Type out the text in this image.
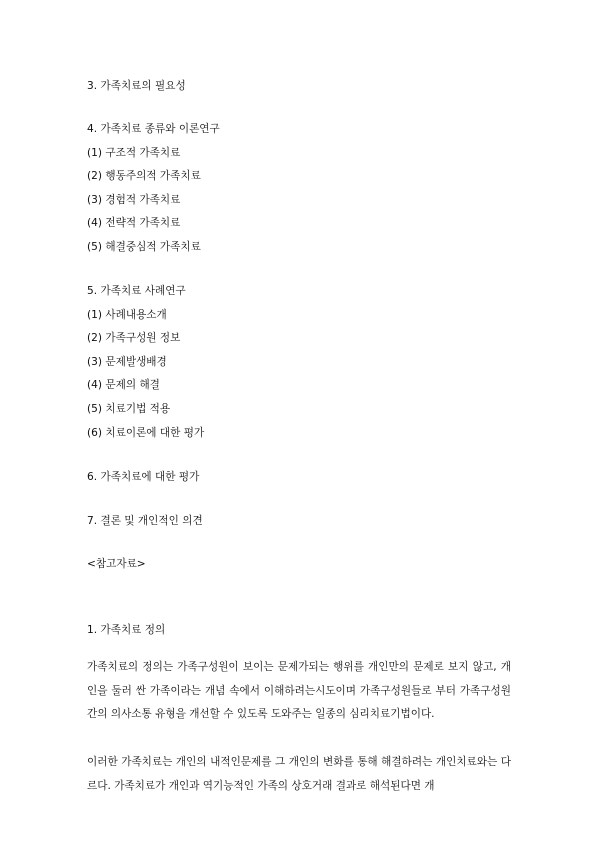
3. 가족치료의 필요성
4. 가족치료 종류와 이론연구
(1) 구조적 가족치료
(2) 행동주의적 가족치료
(3) 경험적 가족치료
(4) 전략적 가족치료
(5) 해결중심적 가족치료
5. 가족치료 사례연구
(1) 사례내용소개
(2) 가족구성원 정보
(3) 문제발생배경
(4) 문제의 해결
(5) 치료기법 적용
(6) 치료이론에 대한 평가
6. 가족치료에 대한 평가
7. 결론 및 개인적인 의견
<참고자료>
1. 가족치료 정의
가족치료의 정의는 가족구성원이 보이는 문제가되는 행위를 개인만의 문제로 보지 않고, 개인을 둘러 싼 가족이라는 개념 속에서 이해하려는시도이며 가족구성원들로 부터 가족구성원간의 의사소통 유형을 개선할 수 있도록 도와주는 일종의 심리치료기법이다.
이러한 가족치료는 개인의 내적인문제를 그 개인의 변화를 통해 해결하려는 개인치료와는 다르다. 가족치료가 개인과 역기능적인 가족의 상호거래 결과로 해석된다면 개
